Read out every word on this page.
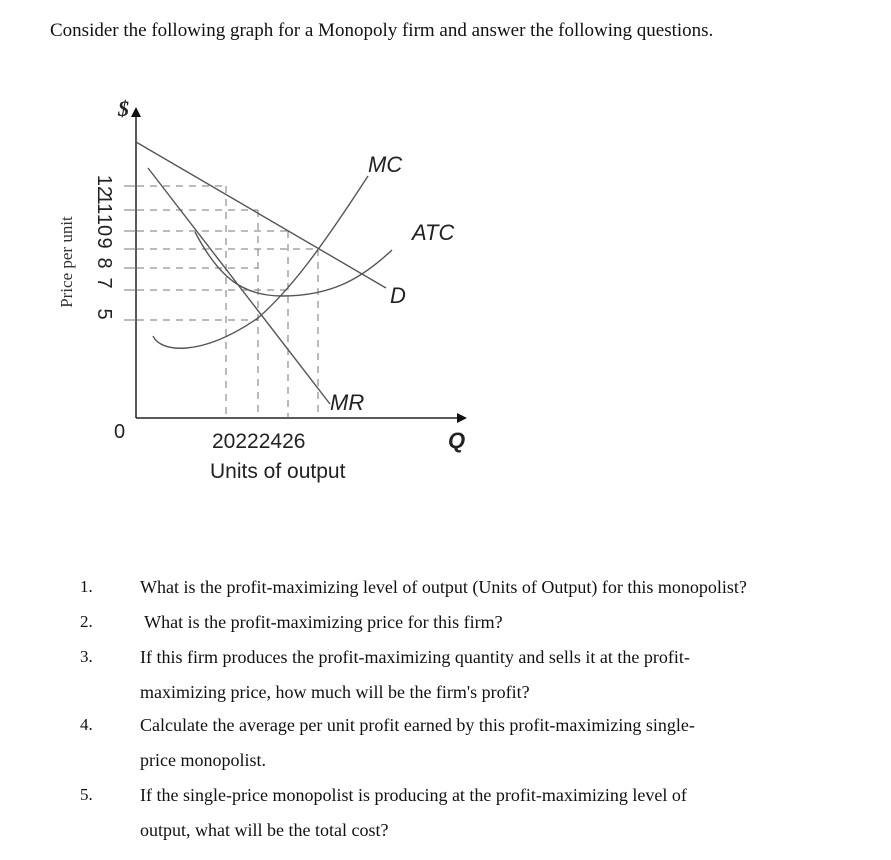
Consider the following graph for a Monopoly firm and answer the following questions.
Price per unit
$
Q
0
12
11
10
9
8
7
5
MC
ATC
D
MR
20222426
Units of output
1.	What is the profit-maximizing level of output (Units of Output) for this monopolist?
2.	What is the profit-maximizing price for this firm?
3.	If this firm produces the profit-maximizing quantity and sells it at the profit-
maximizing price, how much will be the firm's profit?
4.	Calculate the average per unit profit earned by this profit-maximizing single-
price monopolist.
5.	If the single-price monopolist is producing at the profit-maximizing level of
output, what will be the total cost?
